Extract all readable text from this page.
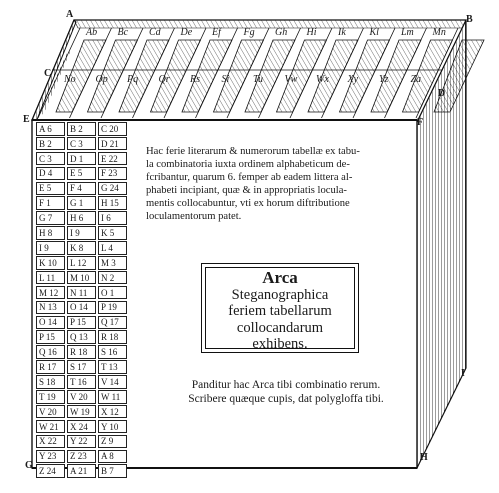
A	B
C
D
E	F
G
H
I
Ab Bc Cd De Ef Fg Gh Hi Ik Kl Lm Mn
No Op Pq Qr Rs Si Tu Vw Wx Xy Yz Za
A 6	B 2	C 20
B 2	C 3	D 21
C 3	D 1	E 22
D 4	E 5	F 23
E 5	F 4	G 24
F 1	G 1	H 15
G 7	H 6	I 6
H 8	I 9	K 5
I 9	K 8	L 4
K 10	L 12	M 3
L 11	M 10	N 2
M 12	N 11	O 1
N 13	O 14	P 19
O 14	P 15	Q 17
P 15	Q 13	R 18
Q 16	R 18	S 16
R 17	S 17	T 13
S 18	T 16	V 14
T 19	V 20	W 11
V 20	W 19	X 12
W 21	X 24	Y 10
X 22	Y 22	Z 9
Y 23	Z 23	A 8
Z 24	A 21	B 7
Hac ferie literarum & numerorum tabellæ ex tabu-
la combinatoria iuxta ordinem alphabeticum de-
fcribantur, quarum 6. femper ab eadem littera al-
phabeti incipiant, quæ & in appropriatis locula-
mentis collocabuntur, vti ex horum diftributione
loculamentorum patet.
Arca
Steganographica
feriem tabellarum
collocandarum
exhibens.
Panditur hac Arca tibi combinatio rerum.
Scribere quæque cupis, dat polygloffa tibi.
